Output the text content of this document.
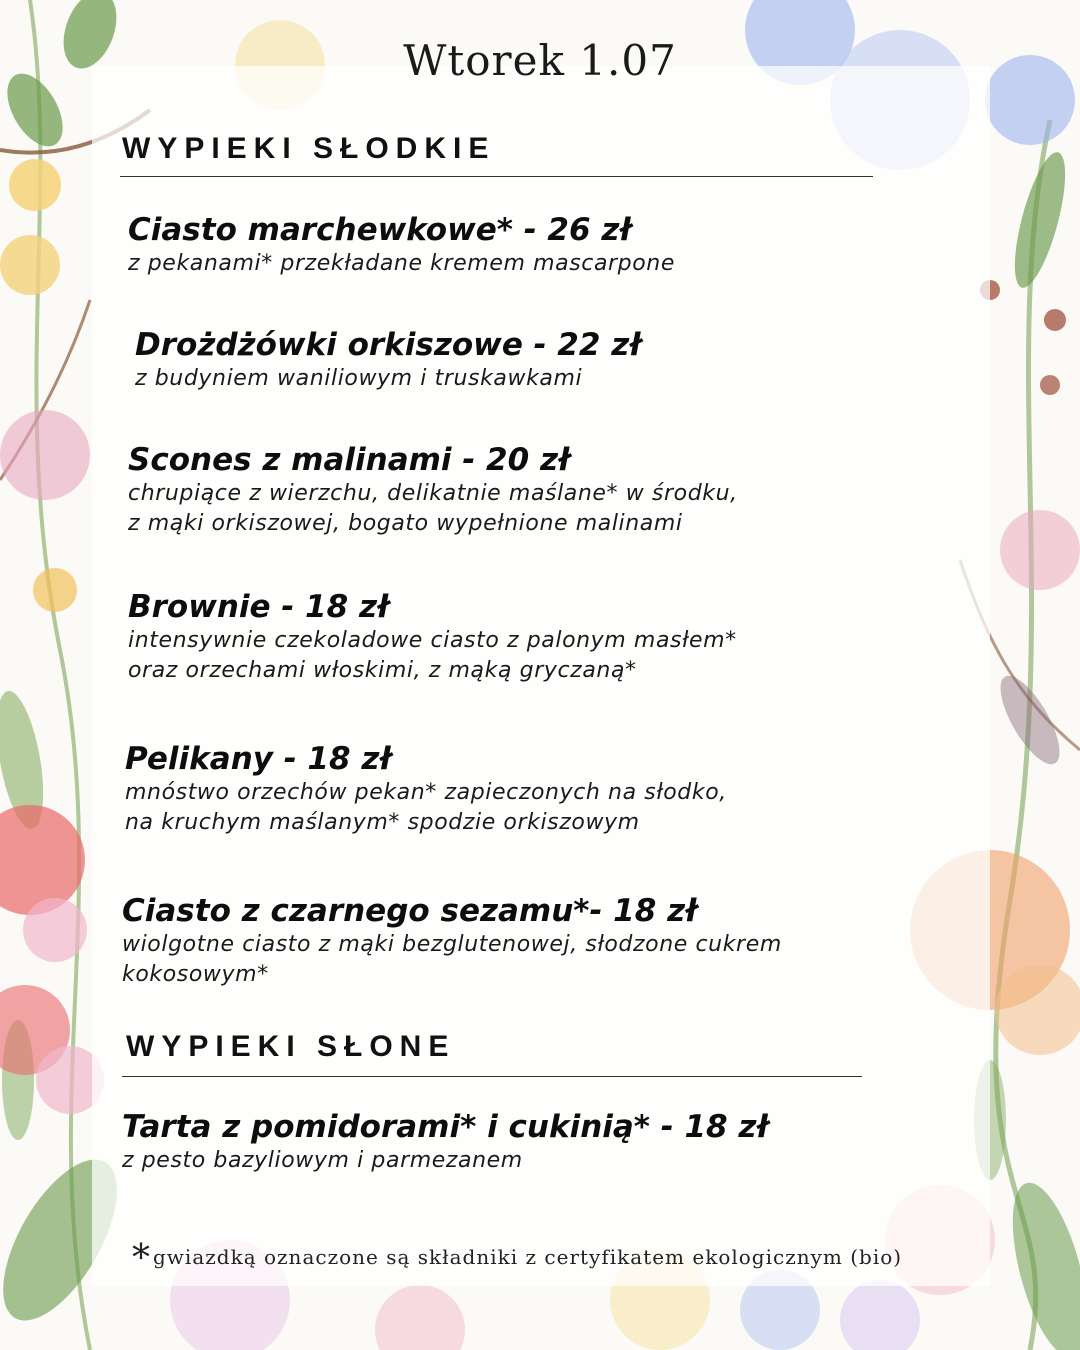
Wtorek 1.07
WYPIEKI SŁODKIE
Ciasto marchewkowe* - 26 zł
z pekanami* przekładane kremem mascarpone
Drożdżówki orkiszowe - 22 zł
z budyniem waniliowym i truskawkami
Scones z malinami - 20 zł
chrupiące z wierzchu, delikatnie maślane* w środku,
z mąki orkiszowej, bogato wypełnione malinami
Brownie - 18 zł
intensywnie czekoladowe ciasto z palonym masłem*
oraz orzechami włoskimi, z mąką gryczaną*
Pelikany - 18 zł
mnóstwo orzechów pekan* zapieczonych na słodko,
na kruchym maślanym* spodzie orkiszowym
Ciasto z czarnego sezamu*- 18 zł
wiolgotne ciasto z mąki bezglutenowej, słodzone cukrem
kokosowym*
WYPIEKI SŁONE
Tarta z pomidorami* i cukinią* - 18 zł
z pesto bazyliowym i parmezanem
* gwiazdką oznaczone są składniki z certyfikatem ekologicznym (bio)
